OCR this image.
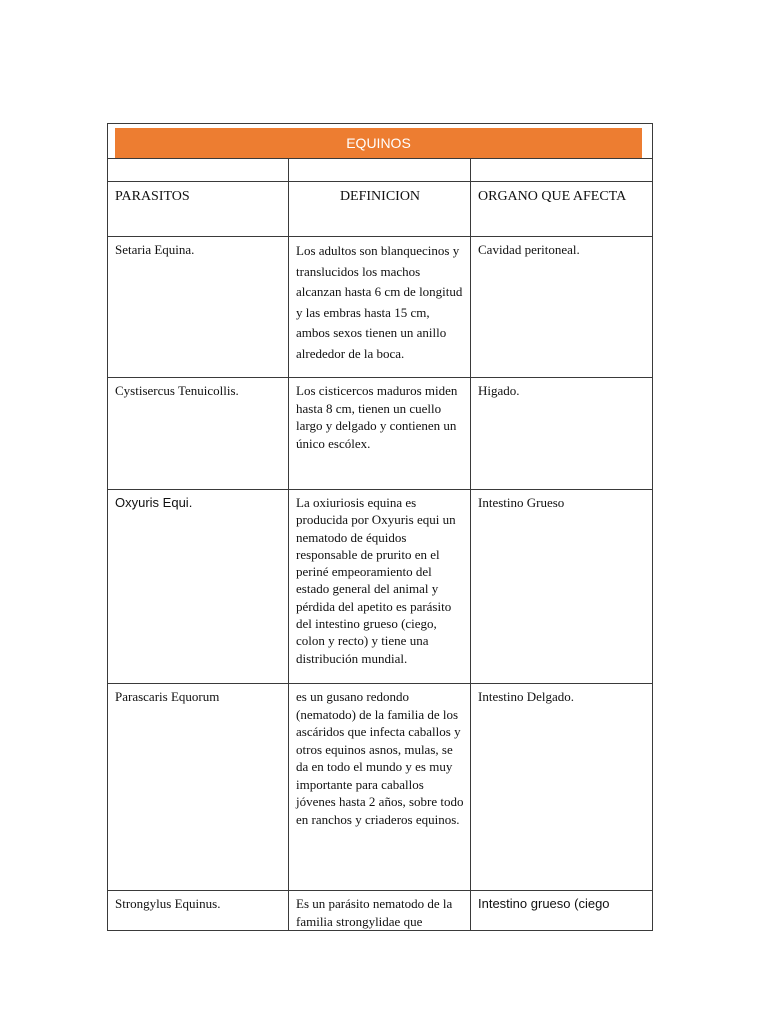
EQUINOS		

PARASITOS	DEFINICION	ORGANO QUE AFECTA
Setaria Equina.	Los adultos son blanquecinos y translucidos los machos alcanzan hasta 6 cm de longitud y las embras hasta 15 cm, ambos sexos tienen un anillo alrededor de la boca.	Cavidad peritoneal.
Cystisercus Tenuicollis.	Los cisticercos maduros miden hasta 8 cm, tienen un cuello largo y delgado y contienen un único escólex.	Higado.
Oxyuris Equi.	La oxiuriosis equina es producida por Oxyuris equi un nematodo de équidos responsable de prurito en el periné empeoramiento del estado general del animal y pérdida del apetito es parásito del intestino grueso (ciego, colon y recto) y tiene una distribución mundial.	Intestino Grueso
Parascaris Equorum	es un gusano redondo (nematodo) de la familia de los ascáridos que infecta caballos y otros equinos asnos, mulas, se da en todo el mundo y es muy importante para caballos jóvenes hasta 2 años, sobre todo en ranchos y criaderos equinos.	Intestino Delgado.
Strongylus Equinus.	Es un parásito nematodo de la familia strongylidae que	Intestino grueso (ciego
